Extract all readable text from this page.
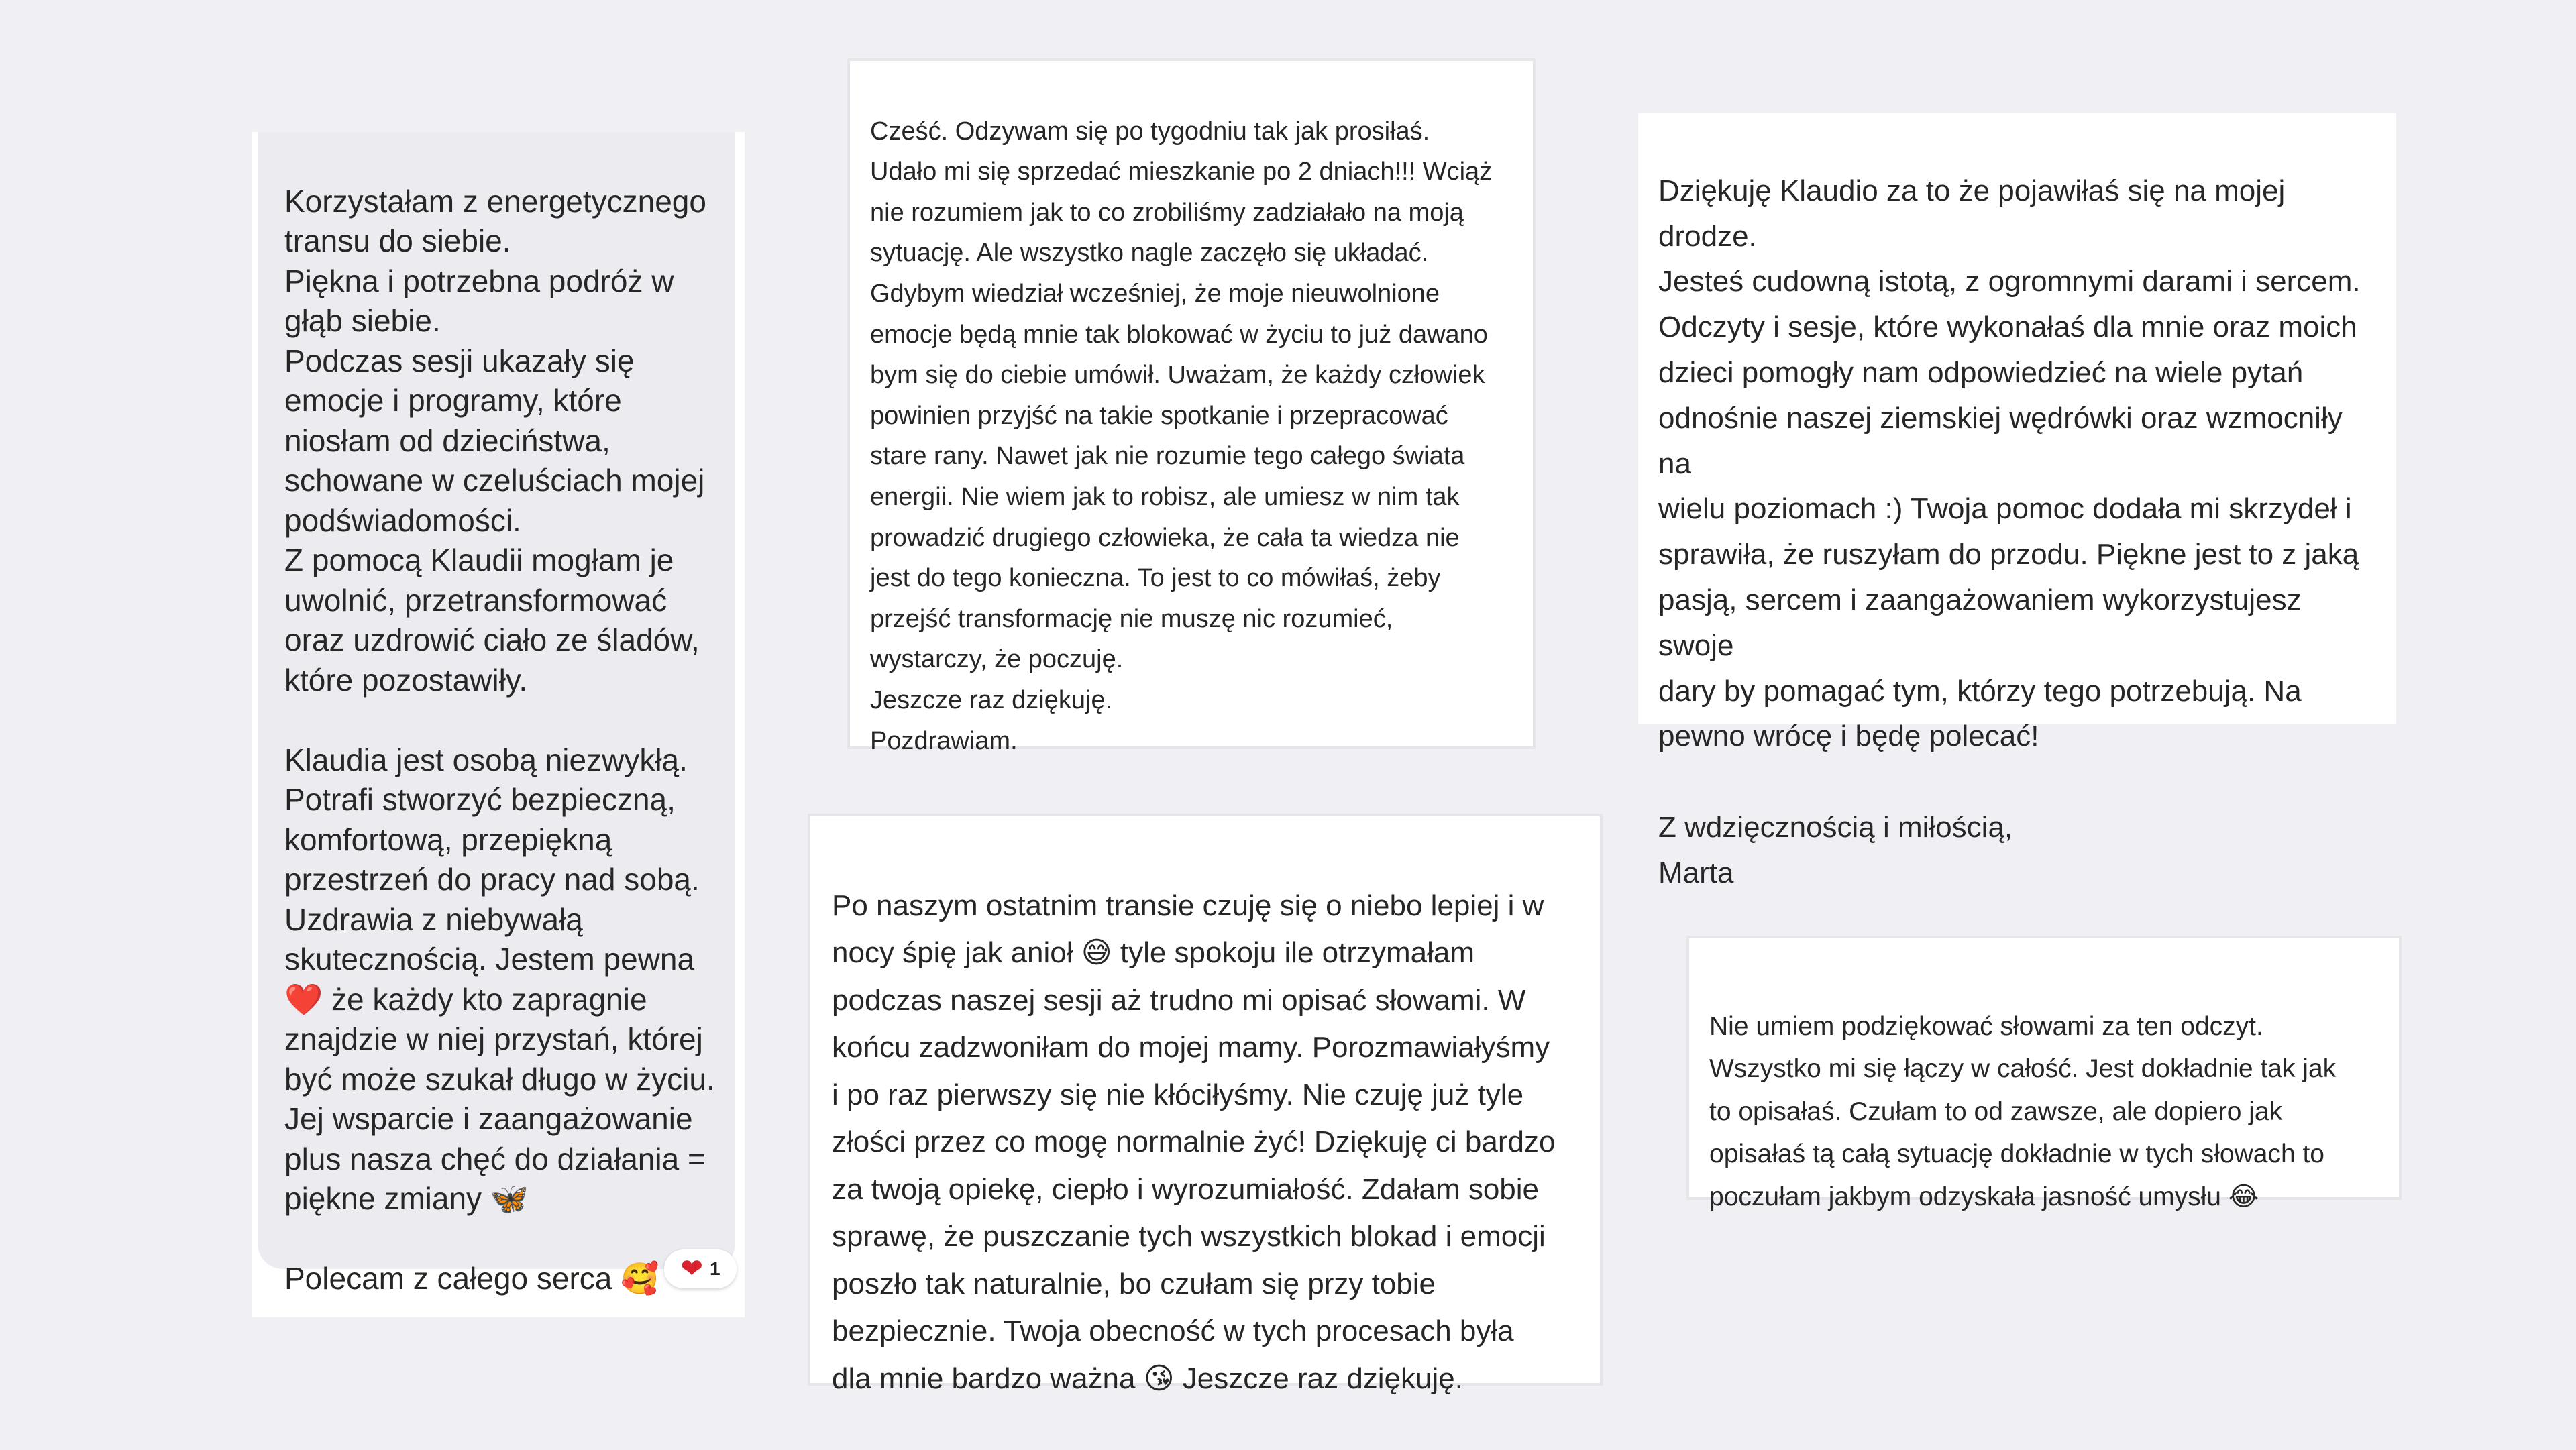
Korzystałam z energetycznego
transu do siebie.
Piękna i potrzebna podróż w
głąb siebie.
Podczas sesji ukazały się
emocje i programy, które
niosłam od dzieciństwa,
schowane w czeluściach mojej
podświadomości.
Z pomocą Klaudii mogłam je
uwolnić, przetransformować
oraz uzdrowić ciało ze śladów,
które pozostawiły.

Klaudia jest osobą niezwykłą.
Potrafi stworzyć bezpieczną,
komfortową, przepiękną
przestrzeń do pracy nad sobą.
Uzdrawia z niebywałą
skutecznością. Jestem pewna
❤️ że każdy kto zapragnie
znajdzie w niej przystań, której
być może szukał długo w życiu.
Jej wsparcie i zaangażowanie
plus nasza chęć do działania =
piękne zmiany 🦋

Polecam z całego serca 🥰 ❤ 1

Cześć. Odzywam się po tygodniu tak jak prosiłaś.
Udało mi się sprzedać mieszkanie po 2 dniach!!! Wciąż
nie rozumiem jak to co zrobiliśmy zadziałało na moją
sytuację. Ale wszystko nagle zaczęło się układać.
Gdybym wiedział wcześniej, że moje nieuwolnione
emocje będą mnie tak blokować w życiu to już dawano
bym się do ciebie umówił. Uważam, że każdy człowiek
powinien przyjść na takie spotkanie i przepracować
stare rany. Nawet jak nie rozumie tego całego świata
energii. Nie wiem jak to robisz, ale umiesz w nim tak
prowadzić drugiego człowieka, że cała ta wiedza nie
jest do tego konieczna. To jest to co mówiłaś, żeby
przejść transformację nie muszę nic rozumieć,
wystarczy, że poczuję.
Jeszcze raz dziękuję.
Pozdrawiam.

Dziękuję Klaudio za to że pojawiłaś się na mojej drodze.
Jesteś cudowną istotą, z ogromnymi darami i sercem.
Odczyty i sesje, które wykonałaś dla mnie oraz moich
dzieci pomogły nam odpowiedzieć na wiele pytań
odnośnie naszej ziemskiej wędrówki oraz wzmocniły na
wielu poziomach :) Twoja pomoc dodała mi skrzydeł i
sprawiła, że ruszyłam do przodu. Piękne jest to z jaką
pasją, sercem i zaangażowaniem wykorzystujesz swoje
dary by pomagać tym, którzy tego potrzebują. Na
pewno wrócę i będę polecać!

Z wdzięcznością i miłością,
Marta

Po naszym ostatnim transie czuję się o niebo lepiej i w
nocy śpię jak anioł 😅 tyle spokoju ile otrzymałam
podczas naszej sesji aż trudno mi opisać słowami. W
końcu zadzwoniłam do mojej mamy. Porozmawiałyśmy
i po raz pierwszy się nie kłóciłyśmy. Nie czuję już tyle
złości przez co mogę normalnie żyć! Dziękuję ci bardzo
za twoją opiekę, ciepło i wyrozumiałość. Zdałam sobie
sprawę, że puszczanie tych wszystkich blokad i emocji
poszło tak naturalnie, bo czułam się przy tobie
bezpiecznie. Twoja obecność w tych procesach była
dla mnie bardzo ważna 😘 Jeszcze raz dziękuję.

Nie umiem podziękować słowami za ten odczyt.
Wszystko mi się łączy w całość. Jest dokładnie tak jak
to opisałaś. Czułam to od zawsze, ale dopiero jak
opisałaś tą całą sytuację dokładnie w tych słowach to
poczułam jakbym odzyskała jasność umysłu 😂
